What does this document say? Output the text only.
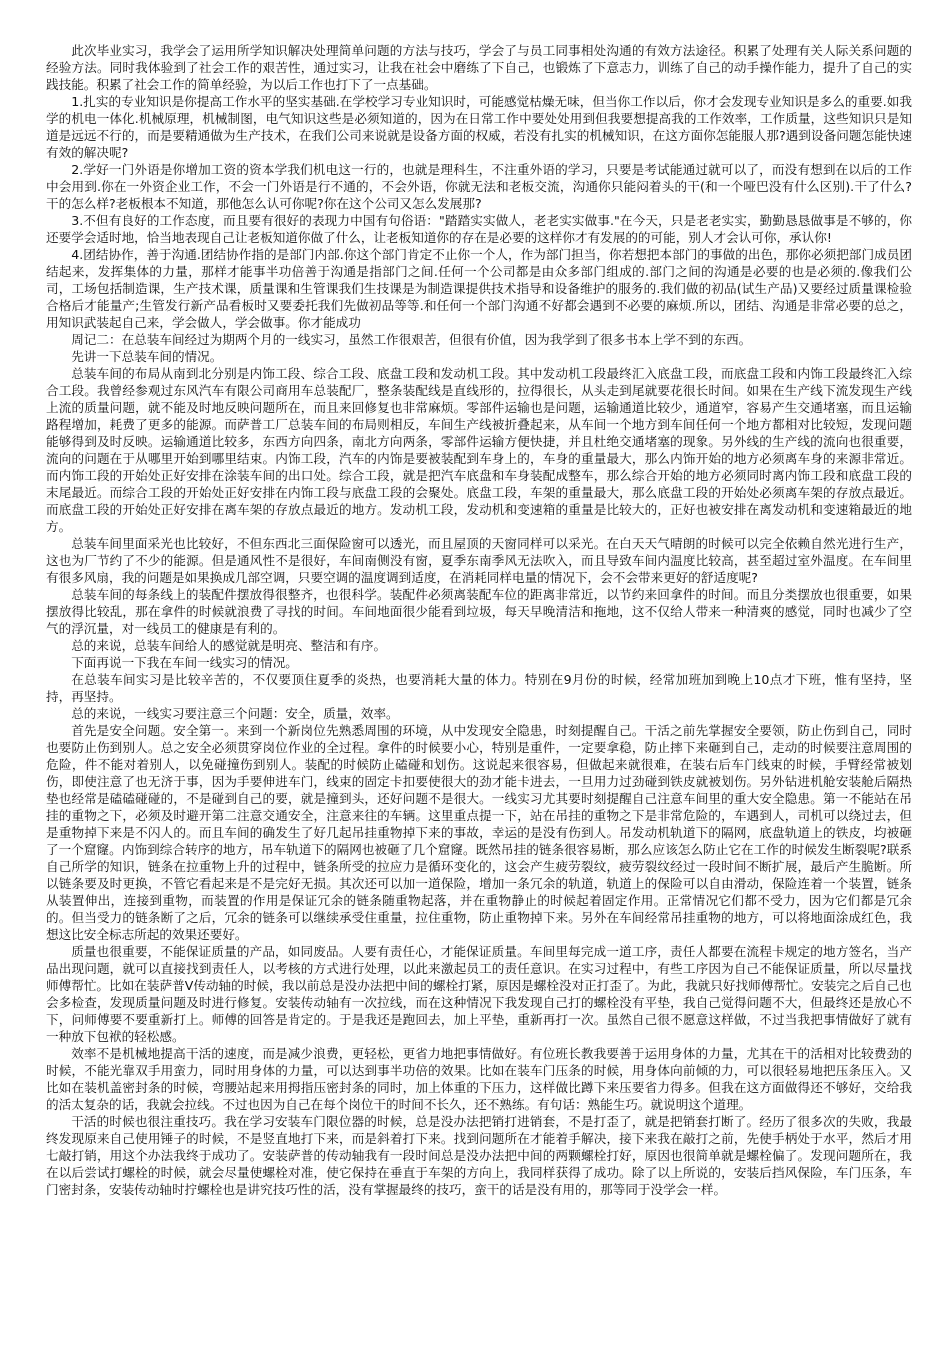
此次毕业实习，我学会了运用所学知识解决处理简单问题的方法与技巧，学会了与员工同事相处沟通的有效方法途径。积累了处理有关人际关系问题的经验方法。同时我体验到了社会工作的艰苦性，通过实习，让我在社会中磨练了下自己，也锻炼了下意志力，训练了自己的动手操作能力，提升了自己的实践技能。积累了社会工作的简单经验，为以后工作也打下了一点基础。

1.扎实的专业知识是你提高工作水平的坚实基础.在学校学习专业知识时，可能感觉枯燥无味，但当你工作以后，你才会发现专业知识是多么的重要.如我学的机电一体化.机械原理，机械制图，电气知识这些是必须知道的，因为在日常工作中要处处用到但我要想提高我的工作效率，工作质量，这些知识只是知道是远远不行的，而是要精通做为生产技术，在我们公司来说就是设备方面的权威，若没有扎实的机械知识，在这方面你怎能服人那?遇到设备问题怎能快速有效的解决呢?

2.学好一门外语是你增加工资的资本学我们机电这一行的，也就是理科生，不注重外语的学习，只要是考试能通过就可以了，而没有想到在以后的工作中会用到.你在一外资企业工作，不会一门外语是行不通的，不会外语，你就无法和老板交流，沟通你只能闷着头的干(和一个哑巴没有什么区别).干了什么?干的怎么样?老板根本不知道，那他怎么认可你呢?你在这个公司又怎么发展那?

3.不但有良好的工作态度，而且要有很好的表现力中国有句俗语："踏踏实实做人，老老实实做事."在今天，只是老老实实，勤勤恳恳做事是不够的，你还要学会适时地，恰当地表现自己让老板知道你做了什么，让老板知道你的存在是必要的这样你才有发展的的可能，别人才会认可你，承认你!

4.团结协作，善于沟通.团结协作指的是部门内部.你这个部门肯定不止你一个人，作为部门担当，你若想把本部门的事做的出色，那你必须把部门成员团结起来，发挥集体的力量，那样才能事半功倍善于沟通是指部门之间.任何一个公司都是由众多部门组成的.部门之间的沟通是必要的也是必须的.像我们公司，工场包括制造课，生产技术课，质量课和生管课我们生技课是为制造课提供技术指导和设备维护的服务的.我们做的初品(试生产品)又要经过质量课检验合格后才能量产;生管发行新产品看板时又要委托我们先做初品等等.和任何一个部门沟通不好都会遇到不必要的麻烦.所以，团结、沟通是非常必要的总之，用知识武装起自己来，学会做人，学会做事。你才能成功

周记二：在总装车间经过为期两个月的一线实习，虽然工作很艰苦，但很有价值，因为我学到了很多书本上学不到的东西。

先讲一下总装车间的情况。

总装车间的布局从南到北分别是内饰工段、综合工段、底盘工段和发动机工段。其中发动机工段最终汇入底盘工段，而底盘工段和内饰工段最终汇入综合工段。我曾经参观过东风汽车有限公司商用车总装配厂，整条装配线是直线形的，拉得很长，从头走到尾就要花很长时间。如果在生产线下流发现生产线上流的质量问题，就不能及时地反映问题所在，而且来回修复也非常麻烦。零部件运输也是问题，运输通道比较少，通道窄，容易产生交通堵塞，而且运输路程增加，耗费了更多的能源。而萨普工厂总装车间的布局则相反，车间生产线被折叠起来，从车间一个地方到车间任何一个地方都相对比较短，发现问题能够得到及时反映。运输通道比较多，东西方向四条，南北方向两条，零部件运输方便快捷，并且杜绝交通堵塞的现象。另外线的生产线的流向也很重要，流向的问题在于从哪里开始到哪里结束。内饰工段，汽车的内饰是要被装配到车身上的，车身的重量最大，那么内饰开始的地方必须离车身的来源非常近。而内饰工段的开始处正好安排在涂装车间的出口处。综合工段，就是把汽车底盘和车身装配成整车，那么综合开始的地方必须同时离内饰工段和底盘工段的末尾最近。而综合工段的开始处正好安排在内饰工段与底盘工段的会聚处。底盘工段，车架的重量最大，那么底盘工段的开始处必须离车架的存放点最近。而底盘工段的开始处正好安排在离车架的存放点最近的地方。发动机工段，发动机和变速箱的重量是比较大的，正好也被安排在离发动机和变速箱最近的地方。

总装车间里面采光也比较好，不但东西北三面保险窗可以透光，而且屋顶的天窗同样可以采光。在白天天气晴朗的时候可以完全依赖自然光进行生产，这也为厂节约了不少的能源。但是通风性不是很好，车间南侧没有窗，夏季东南季风无法吹入，而且导致车间内温度比较高，甚至超过室外温度。在车间里有很多风扇，我的问题是如果换成几部空调，只要空调的温度调到适度，在消耗同样电量的情况下，会不会带来更好的舒适度呢?

总装车间的每条线上的装配件摆放得很整齐，也很科学。装配件必须离装配车位的距离非常近，以节约来回拿件的时间。而且分类摆放也很重要，如果摆放得比较乱，那在拿件的时候就浪费了寻找的时间。车间地面很少能看到垃圾，每天早晚清洁和拖地，这不仅给人带来一种清爽的感觉，同时也减少了空气的浮沉量，对一线员工的健康是有利的。

总的来说，总装车间给人的感觉就是明亮、整洁和有序。

下面再说一下我在车间一线实习的情况。

在总装车间实习是比较辛苦的，不仅要顶住夏季的炎热，也要消耗大量的体力。特别在9月份的时候，经常加班加到晚上10点才下班，惟有坚持，坚持，再坚持。

总的来说，一线实习要注意三个问题：安全，质量，效率。

首先是安全问题。安全第一。来到一个新岗位先熟悉周围的环境，从中发现安全隐患，时刻提醒自己。干活之前先掌握安全要领，防止伤到自己，同时也要防止伤到别人。总之安全必须贯穿岗位作业的全过程。拿件的时候要小心，特别是重件，一定要拿稳，防止摔下来砸到自己，走动的时候要注意周围的危险，件不能对着别人，以免碰撞伤到别人。装配的时候防止磕碰和划伤。这说起来很容易，但做起来就很难，在装右后车门线束的时候，手臂经常被划伤，即使注意了也无济于事，因为手要伸进车门，线束的固定卡扣要使很大的劲才能卡进去，一旦用力过劲碰到铁皮就被划伤。另外钻进机舱安装舱后隔热垫也经常是磕磕碰碰的，不是碰到自己的要，就是撞到头，还好问题不是很大。一线实习尤其要时刻提醒自己注意车间里的重大安全隐患。第一不能站在吊挂的重物之下，必须及时避开第二注意交通安全，注意来往的车辆。这里重点提一下，站在吊挂的重物之下是非常危险的，车遇到人，司机可以绕过去，但是重物掉下来是不闪人的。而且车间的确发生了好几起吊挂重物掉下来的事故，幸运的是没有伤到人。吊发动机轨道下的隔网，底盘轨道上的铁皮，均被砸了一个窟窿。内饰到综合转序的地方，吊车轨道下的隔网也被砸了几个窟窿。既然吊挂的链条很容易断，那么应该怎么防止它在工作的时候发生断裂呢?联系自己所学的知识，链条在拉重物上升的过程中，链条所受的拉应力是循环变化的，这会产生疲劳裂纹，疲劳裂纹经过一段时间不断扩展，最后产生脆断。所以链条要及时更换，不管它看起来是不是完好无损。其次还可以加一道保险，增加一条冗余的轨道，轨道上的保险可以自由滑动，保险连着一个装置，链条从装置伸出，连接到重物，而装置的作用是保证冗余的链条随重物起落，并在重物静止的时候起着固定作用。正常情况它们都不受力，因为它们都是冗余的。但当受力的链条断了之后，冗余的链条可以继续承受住重量，拉住重物，防止重物掉下来。另外在车间经常吊挂重物的地方，可以将地面涂成红色，我想这比安全标志所起的效果还要好。

质量也很重要，不能保证质量的产品，如同废品。人要有责任心，才能保证质量。车间里每完成一道工序，责任人都要在流程卡规定的地方签名，当产品出现问题，就可以直接找到责任人，以考核的方式进行处理，以此来激起员工的责任意识。在实习过程中，有些工序因为自己不能保证质量，所以尽量找师傅帮忙。比如在装萨普V传动轴的时候，我以前总是没办法把中间的螺栓打紧，原因是螺栓没对正打歪了。为此，我就只好找师傅帮忙。安装完之后自己也会多检查，发现质量问题及时进行修复。安装传动轴有一次拉线，而在这种情况下我发现自己打的螺栓没有平垫，我自己觉得问题不大，但最终还是放心不下，问师傅要不要重新打上。师傅的回答是肯定的。于是我还是跑回去，加上平垫，重新再打一次。虽然自己很不愿意这样做，不过当我把事情做好了就有一种放下包袱的轻松感。

效率不是机械地提高干活的速度，而是减少浪费，更轻松，更省力地把事情做好。有位班长教我要善于运用身体的力量，尤其在干的活相对比较费劲的时候，不能光靠双手用蛮力，同时用身体的力量，可以达到事半功倍的效果。比如在装车门压条的时候，用身体向前倾的力，可以很轻易地把压条压入。又比如在装机盖密封条的时候，弯腰站起来用拇指压密封条的同时，加上体重的下压力，这样做比蹲下来压要省力得多。但我在这方面做得还不够好，交给我的活太复杂的话，我就会拉线。不过也因为自己在每个岗位干的时间不长久，还不熟练。有句话：熟能生巧。就说明这个道理。

干活的时候也很注重技巧。我在学习安装车门限位器的时候，总是没办法把销打进销套，不是打歪了，就是把销套打断了。经历了很多次的失败，我最终发现原来自己使用锤子的时候，不是竖直地打下来，而是斜着打下来。找到问题所在才能着手解决，接下来我在敲打之前，先使手柄处于水平，然后才用七敲打销，用这个办法我终于成功了。安装萨普的传动轴我有一段时间总是没办法把中间的两颗螺栓打好，原因也很简单就是螺栓偏了。发现问题所在，我在以后尝试打螺栓的时候，就会尽量使螺栓对准，使它保持在垂直于车架的方向上，我同样获得了成功。除了以上所说的，安装后挡风保险，车门压条，车门密封条，安装传动轴时拧螺栓也是讲究技巧性的活，没有掌握最终的技巧，蛮干的话是没有用的，那等同于没学会一样。
